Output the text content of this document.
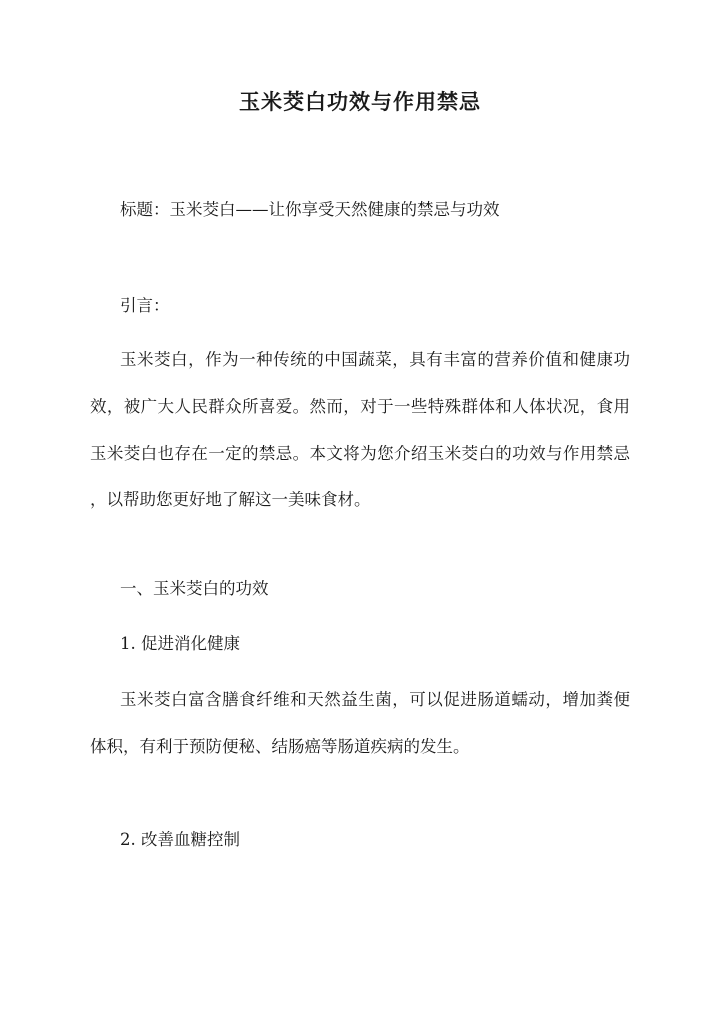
玉米茭白功效与作用禁忌

标题：玉米茭白——让你享受天然健康的禁忌与功效

引言：

玉米茭白，作为一种传统的中国蔬菜，具有丰富的营养价值和健康功

效，被广大人民群众所喜爱。然而，对于一些特殊群体和人体状况，食用

玉米茭白也存在一定的禁忌。本文将为您介绍玉米茭白的功效与作用禁忌

，以帮助您更好地了解这一美味食材。

一、玉米茭白的功效

1. 促进消化健康

玉米茭白富含膳食纤维和天然益生菌，可以促进肠道蠕动，增加粪便

体积，有利于预防便秘、结肠癌等肠道疾病的发生。

2. 改善血糖控制
